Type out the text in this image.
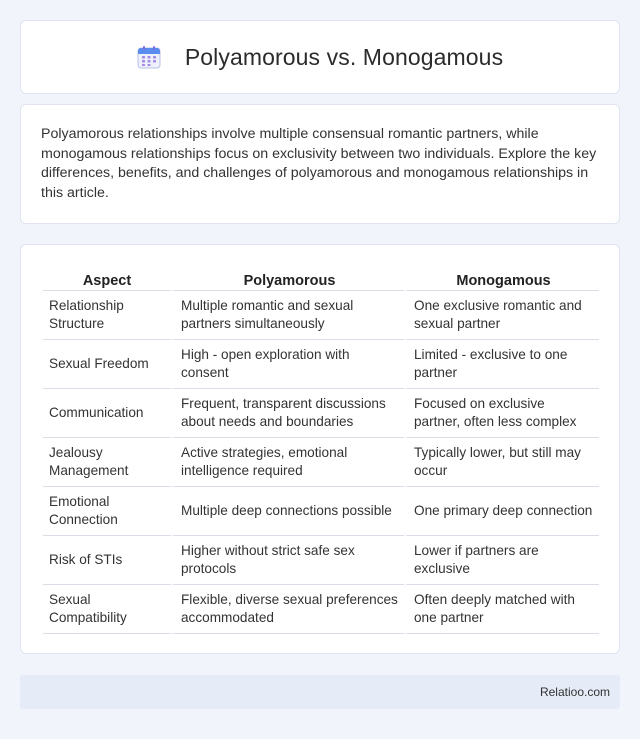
Polyamorous vs. Monogamous

Polyamorous relationships involve multiple consensual romantic partners, while monogamous relationships focus on exclusivity between two individuals. Explore the key differences, benefits, and challenges of polyamorous and monogamous relationships in this article.

Aspect	Polyamorous	Monogamous
Relationship Structure	Multiple romantic and sexual partners simultaneously	One exclusive romantic and sexual partner
Sexual Freedom	High - open exploration with consent	Limited - exclusive to one partner
Communication	Frequent, transparent discussions about needs and boundaries	Focused on exclusive partner, often less complex
Jealousy Management	Active strategies, emotional intelligence required	Typically lower, but still may occur
Emotional Connection	Multiple deep connections possible	One primary deep connection
Risk of STIs	Higher without strict safe sex protocols	Lower if partners are exclusive
Sexual Compatibility	Flexible, diverse sexual preferences accommodated	Often deeply matched with one partner
Relatioo.com
